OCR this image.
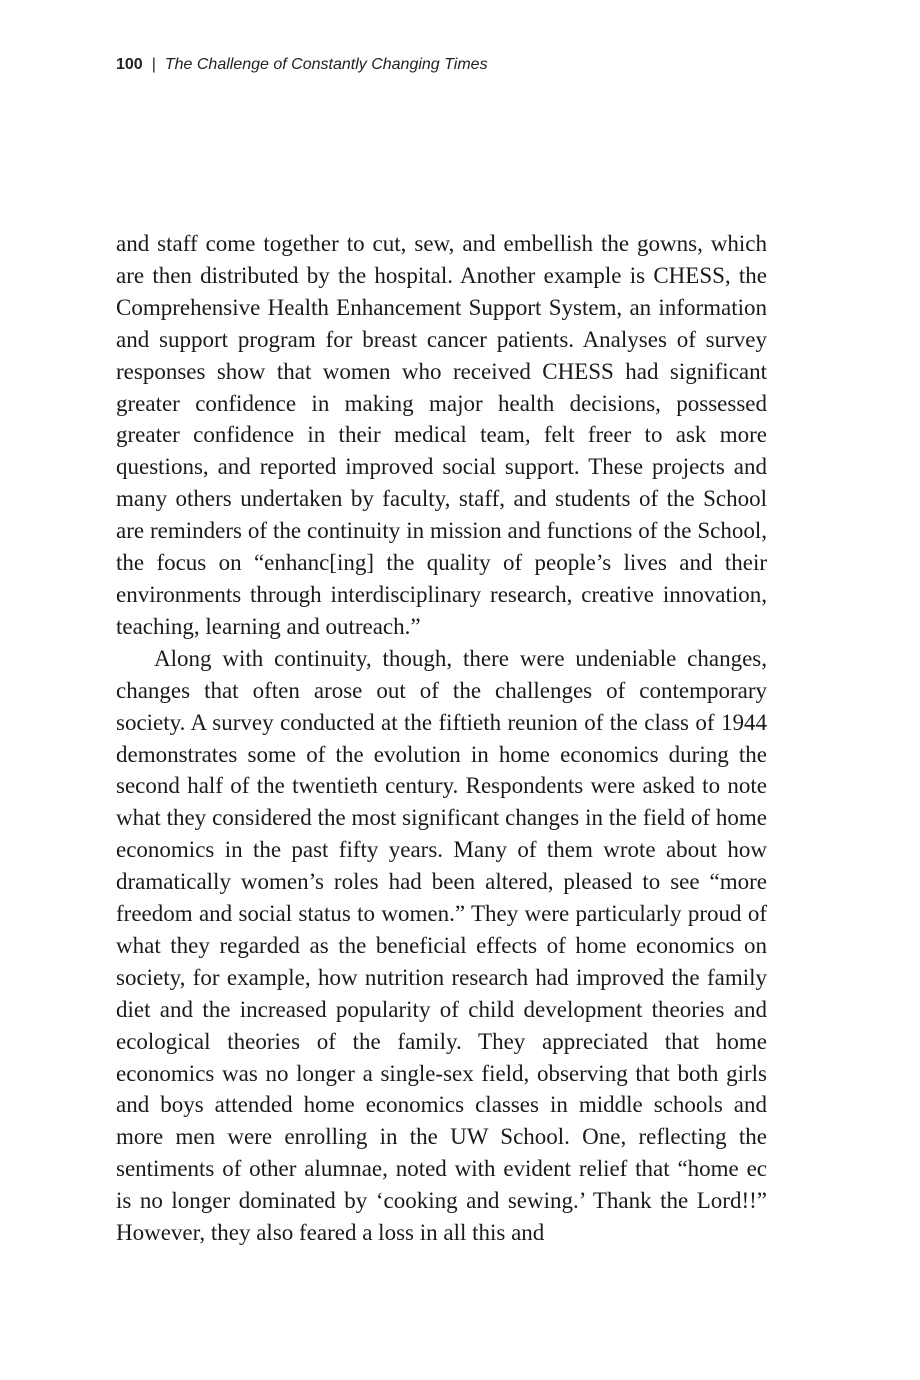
100 | The Challenge of Constantly Changing Times

and staff come together to cut, sew, and embellish the gowns, which are then distributed by the hospital. Another example is CHESS, the Comprehensive Health Enhancement Support System, an information and support program for breast cancer patients. Analyses of survey responses show that women who received CHESS had significant greater confidence in making major health decisions, possessed greater confidence in their medical team, felt freer to ask more questions, and reported improved social support. These projects and many others undertaken by faculty, staff, and students of the School are reminders of the continuity in mission and functions of the School, the focus on “enhanc[ing] the quality of people’s lives and their environments through interdisciplinary research, creative innovation, teaching, learning and outreach.”

Along with continuity, though, there were undeniable changes, changes that often arose out of the challenges of contemporary society. A survey conducted at the fiftieth reunion of the class of 1944 demonstrates some of the evolution in home economics during the second half of the twentieth century. Respondents were asked to note what they considered the most significant changes in the field of home economics in the past fifty years. Many of them wrote about how dramatically women’s roles had been altered, pleased to see “more freedom and social status to women.” They were particularly proud of what they regarded as the beneficial effects of home economics on society, for example, how nutrition research had improved the family diet and the increased popularity of child development theories and ecological theories of the family. They appreciated that home economics was no longer a single-sex field, observing that both girls and boys attended home economics classes in middle schools and more men were enrolling in the UW School. One, reflecting the sentiments of other alumnae, noted with evident relief that “home ec is no longer dominated by ‘cooking and sewing.’ Thank the Lord!!” However, they also feared a loss in all this and
